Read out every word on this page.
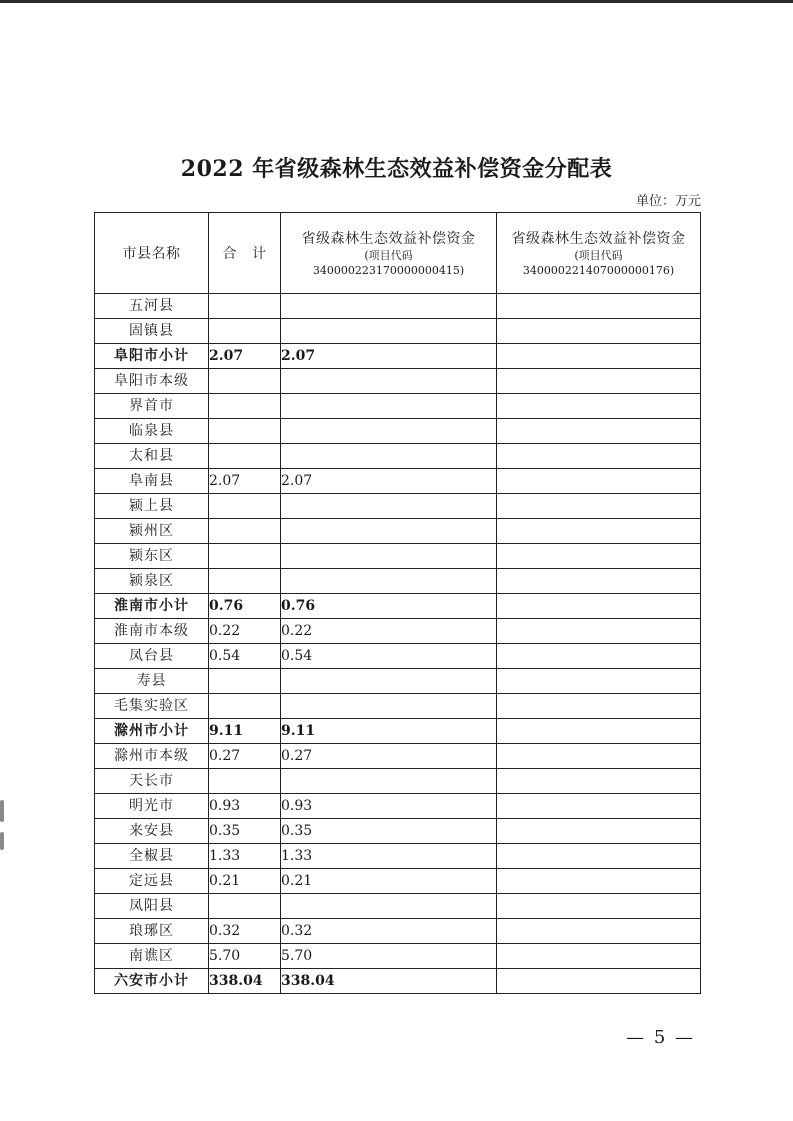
2022 年省级森林生态效益补偿资金分配表
单位：万元
市县名称	合 计	省级森林生态效益补偿资金
(项目代码
340000223170000000415)	省级森林生态效益补偿资金
(项目代码
340000221407000000176)

五河县			
固镇县			
阜阳市小计	2.07	2.07	
阜阳市本级			
界首市			
临泉县			
太和县			
阜南县	2.07	2.07	
颍上县			
颍州区			
颍东区			
颍泉区			
淮南市小计	0.76	0.76	
淮南市本级	0.22	0.22	
凤台县	0.54	0.54	
寿县			
毛集实验区			
滁州市小计	9.11	9.11	
滁州市本级	0.27	0.27	
天长市			
明光市	0.93	0.93	
来安县	0.35	0.35	
全椒县	1.33	1.33	
定远县	0.21	0.21	
凤阳县			
琅琊区	0.32	0.32	
南谯区	5.70	5.70	
六安市小计	338.04	338.04	
— 5 —
